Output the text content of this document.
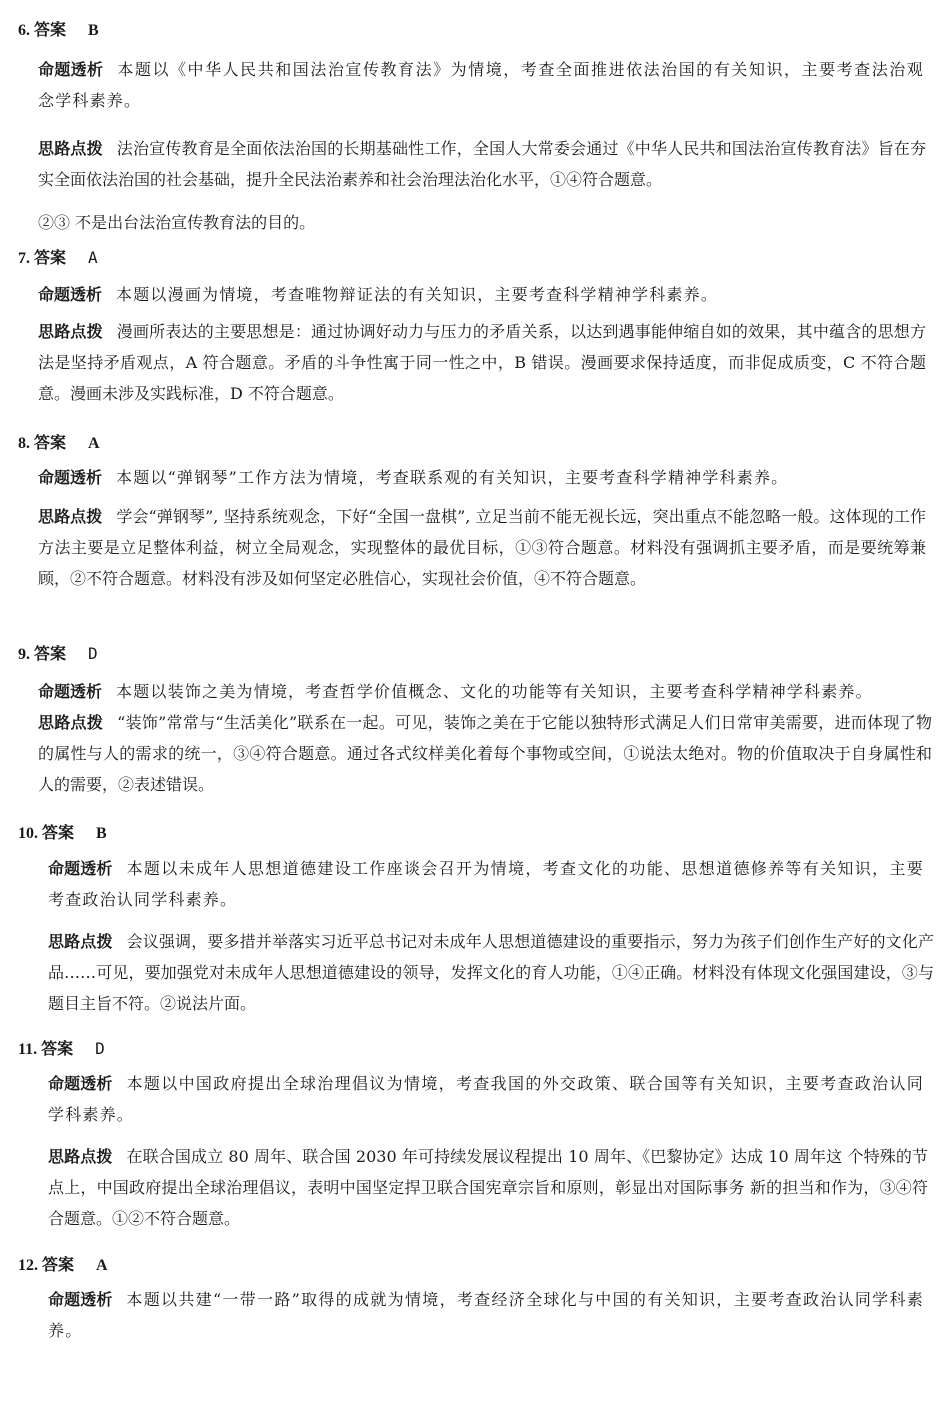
6. 答案 B
命题透析 本题以《中华人民共和国法治宣传教育法》为情境，考查全面推进依法治国的有关知识，主要考查法治观念学科素养。
思路点拨 法治宣传教育是全面依法治国的长期基础性工作，全国人大常委会通过《中华人民共和国法治宣传教育法》旨在夯实全面依法治国的社会基础，提升全民法治素养和社会治理法治化水平，①④符合题意。
②③ 不是出台法治宣传教育法的目的。
7. 答案 A
命题透析 本题以漫画为情境，考查唯物辩证法的有关知识，主要考查科学精神学科素养。
思路点拨 漫画所表达的主要思想是：通过协调好动力与压力的矛盾关系，以达到遇事能伸缩自如的效果，其中蕴含的思想方法是坚持矛盾观点，A 符合题意。矛盾的斗争性寓于同一性之中，B 错误。漫画要求保持适度，而非促成质变，C 不符合题意。漫画未涉及实践标准，D 不符合题意。
8. 答案 A
命题透析 本题以“弹钢琴”工作方法为情境，考查联系观的有关知识，主要考查科学精神学科素养。
思路点拨 学会“弹钢琴”, 坚持系统观念，下好“全国一盘棋”, 立足当前不能无视长远，突出重点不能忽略一般。这体现的工作方法主要是立足整体利益，树立全局观念，实现整体的最优目标，①③符合题意。材料没有强调抓主要矛盾，而是要统筹兼顾，②不符合题意。材料没有涉及如何坚定必胜信心，实现社会价值，④不符合题意。
9. 答案 D
命题透析 本题以装饰之美为情境，考查哲学价值概念、文化的功能等有关知识，主要考查科学精神学科素养。
思路点拨 “装饰”常常与“生活美化”联系在一起。可见，装饰之美在于它能以独特形式满足人们日常审美需要，进而体现了物的属性与人的需求的统一，③④符合题意。通过各式纹样美化着每个事物或空间，①说法太绝对。物的价值取决于自身属性和人的需要，②表述错误。
10. 答案 B
命题透析 本题以未成年人思想道德建设工作座谈会召开为情境，考查文化的功能、思想道德修养等有关知识，主要考查政治认同学科素养。
思路点拨 会议强调，要多措并举落实习近平总书记对未成年人思想道德建设的重要指示，努力为孩子们创作生产好的文化产品……可见，要加强党对未成年人思想道德建设的领导，发挥文化的育人功能，①④正确。材料没有体现文化强国建设，③与题目主旨不符。②说法片面。
11. 答案 D
命题透析 本题以中国政府提出全球治理倡议为情境，考查我国的外交政策、联合国等有关知识，主要考查政治认同学科素养。
思路点拨 在联合国成立 80 周年、联合国 2030 年可持续发展议程提出 10 周年、《巴黎协定》达成 10 周年这 个特殊的节点上，中国政府提出全球治理倡议，表明中国坚定捍卫联合国宪章宗旨和原则，彰显出对国际事务 新的担当和作为，③④符合题意。①②不符合题意。
12. 答案 A
命题透析 本题以共建“一带一路”取得的成就为情境，考查经济全球化与中国的有关知识，主要考查政治认同学科素养。
